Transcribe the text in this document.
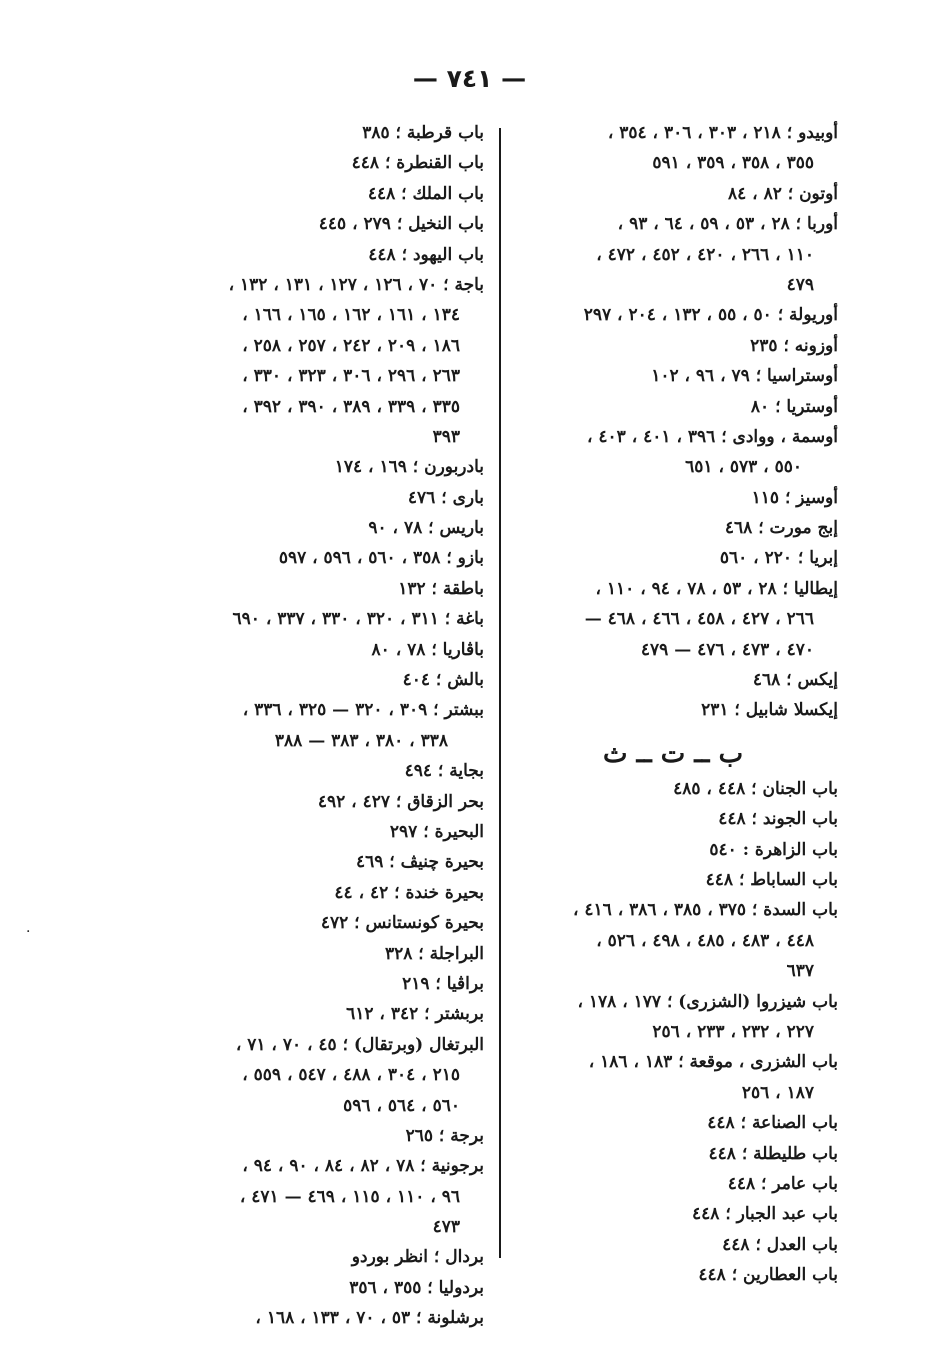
— ٧٤١ —
أوبيدو ؛ ٢١٨ ، ٣٠٣ ، ٣٠٦ ، ٣٥٤ ،
٣٥٥ ، ٣٥٨ ، ٣٥٩ ، ٥٩١
أوتون ؛ ٨٢ ، ٨٤
أوربا ؛ ٢٨ ، ٥٣ ، ٥٩ ، ٦٤ ، ٩٣ ،
١١٠ ، ٢٦٦ ، ٤٢٠ ، ٤٥٢ ، ٤٧٢ ،
٤٧٩
أوريولة ؛ ٥٠ ، ٥٥ ، ١٣٢ ، ٢٠٤ ، ٢٩٧
أوزونه ؛ ٢٣٥
أوستراسيا ؛ ٧٩ ، ٩٦ ، ١٠٢
أوستريا ؛ ٨٠
أوسمة ، ووادى ؛ ٣٩٦ ، ٤٠١ ، ٤٠٣ ،
٥٥٠ ، ٥٧٣ ، ٦٥١
أوسيز ؛ ١١٥
إبج مورت ؛ ٤٦٨
إبريا ؛ ٢٢٠ ، ٥٦٠
إيطاليا ؛ ٢٨ ، ٥٣ ، ٧٨ ، ٩٤ ، ١١٠ ،
٢٦٦ ، ٤٢٧ ، ٤٥٨ ، ٤٦٦ ، ٤٦٨ —
٤٧٠ ، ٤٧٣ ، ٤٧٦ — ٤٧٩
إيكس ؛ ٤٦٨
إيكسلا شابيل ؛ ٢٣١
ب ــ ت ــ ث
باب الجنان ؛ ٤٤٨ ، ٤٨٥
باب الجوند ؛ ٤٤٨
باب الزاهرة : ٥٤٠
باب الساباط ؛ ٤٤٨
باب السدة ؛ ٣٧٥ ، ٣٨٥ ، ٣٨٦ ، ٤١٦ ،
٤٤٨ ، ٤٨٣ ، ٤٨٥ ، ٤٩٨ ، ٥٢٦ ،
٦٣٧
باب شيزروا (الشزرى) ؛ ١٧٧ ، ١٧٨ ،
٢٢٧ ، ٢٣٢ ، ٢٣٣ ، ٢٥٦
باب الشزرى ، موقعة ؛ ١٨٣ ، ١٨٦ ،
١٨٧ ، ٢٥٦
باب الصناعة ؛ ٤٤٨
باب طليطلة ؛ ٤٤٨
باب عامر ؛ ٤٤٨
باب عبد الجبار ؛ ٤٤٨
باب العدل ؛ ٤٤٨
باب العطارين ؛ ٤٤٨
باب قرطبة ؛ ٣٨٥
باب القنطرة ؛ ٤٤٨
باب الملك ؛ ٤٤٨
باب النخيل ؛ ٢٧٩ ، ٤٤٥
باب اليهود ؛ ٤٤٨
باجة ؛ ٧٠ ، ١٢٦ ، ١٢٧ ، ١٣١ ، ١٣٢ ،
١٣٤ ، ١٦١ ، ١٦٢ ، ١٦٥ ، ١٦٦ ،
١٨٦ ، ٢٠٩ ، ٢٤٢ ، ٢٥٧ ، ٢٥٨ ،
٢٦٣ ، ٢٩٦ ، ٣٠٦ ، ٣٢٣ ، ٣٣٠ ،
٣٣٥ ، ٣٣٩ ، ٣٨٩ ، ٣٩٠ ، ٣٩٢ ،
٣٩٣
بادربورن ؛ ١٦٩ ، ١٧٤
بارى ؛ ٤٧٦
باريس ؛ ٧٨ ، ٩٠
بازو ؛ ٣٥٨ ، ٥٦٠ ، ٥٩٦ ، ٥٩٧
باطقة ؛ ١٣٢
باغة ؛ ٣١١ ، ٣٢٠ ، ٣٣٠ ، ٣٣٧ ، ٦٩٠
باڤاريا ؛ ٧٨ ، ٨٠
بالش ؛ ٤٠٤
ببشتر ؛ ٣٠٩ ، ٣٢٠ — ٣٢٥ ، ٣٣٦ ،
٣٣٨ ، ٣٨٠ ، ٣٨٣ — ٣٨٨
بجاية ؛ ٤٩٤
بحر الزقاق ؛ ٤٢٧ ، ٤٩٢
البحيرة ؛ ٢٩٧
بحيرة چنيڤ ؛ ٤٦٩
بحيرة خندة ؛ ٤٢ ، ٤٤
بحيرة كونستانس ؛ ٤٧٢
البراجلة ؛ ٣٢٨
براڤيا ؛ ٢١٩
بربشتر ؛ ٣٤٢ ، ٦١٢
البرتغال (وبرتقال) ؛ ٤٥ ، ٧٠ ، ٧١ ،
٢١٥ ، ٣٠٤ ، ٤٨٨ ، ٥٤٧ ، ٥٥٩ ،
٥٦٠ ، ٥٦٤ ، ٥٩٦
برجة ؛ ٢٦٥
برجونية ؛ ٧٨ ، ٨٢ ، ٨٤ ، ٩٠ ، ٩٤ ،
٩٦ ، ١١٠ ، ١١٥ ، ٤٦٩ — ٤٧١ ،
٤٧٣
بردال ؛ انظر بوردو
بردوليا ؛ ٣٥٥ ، ٣٥٦
برشلونة ؛ ٥٣ ، ٧٠ ، ١٣٣ ، ١٦٨ ،
·
